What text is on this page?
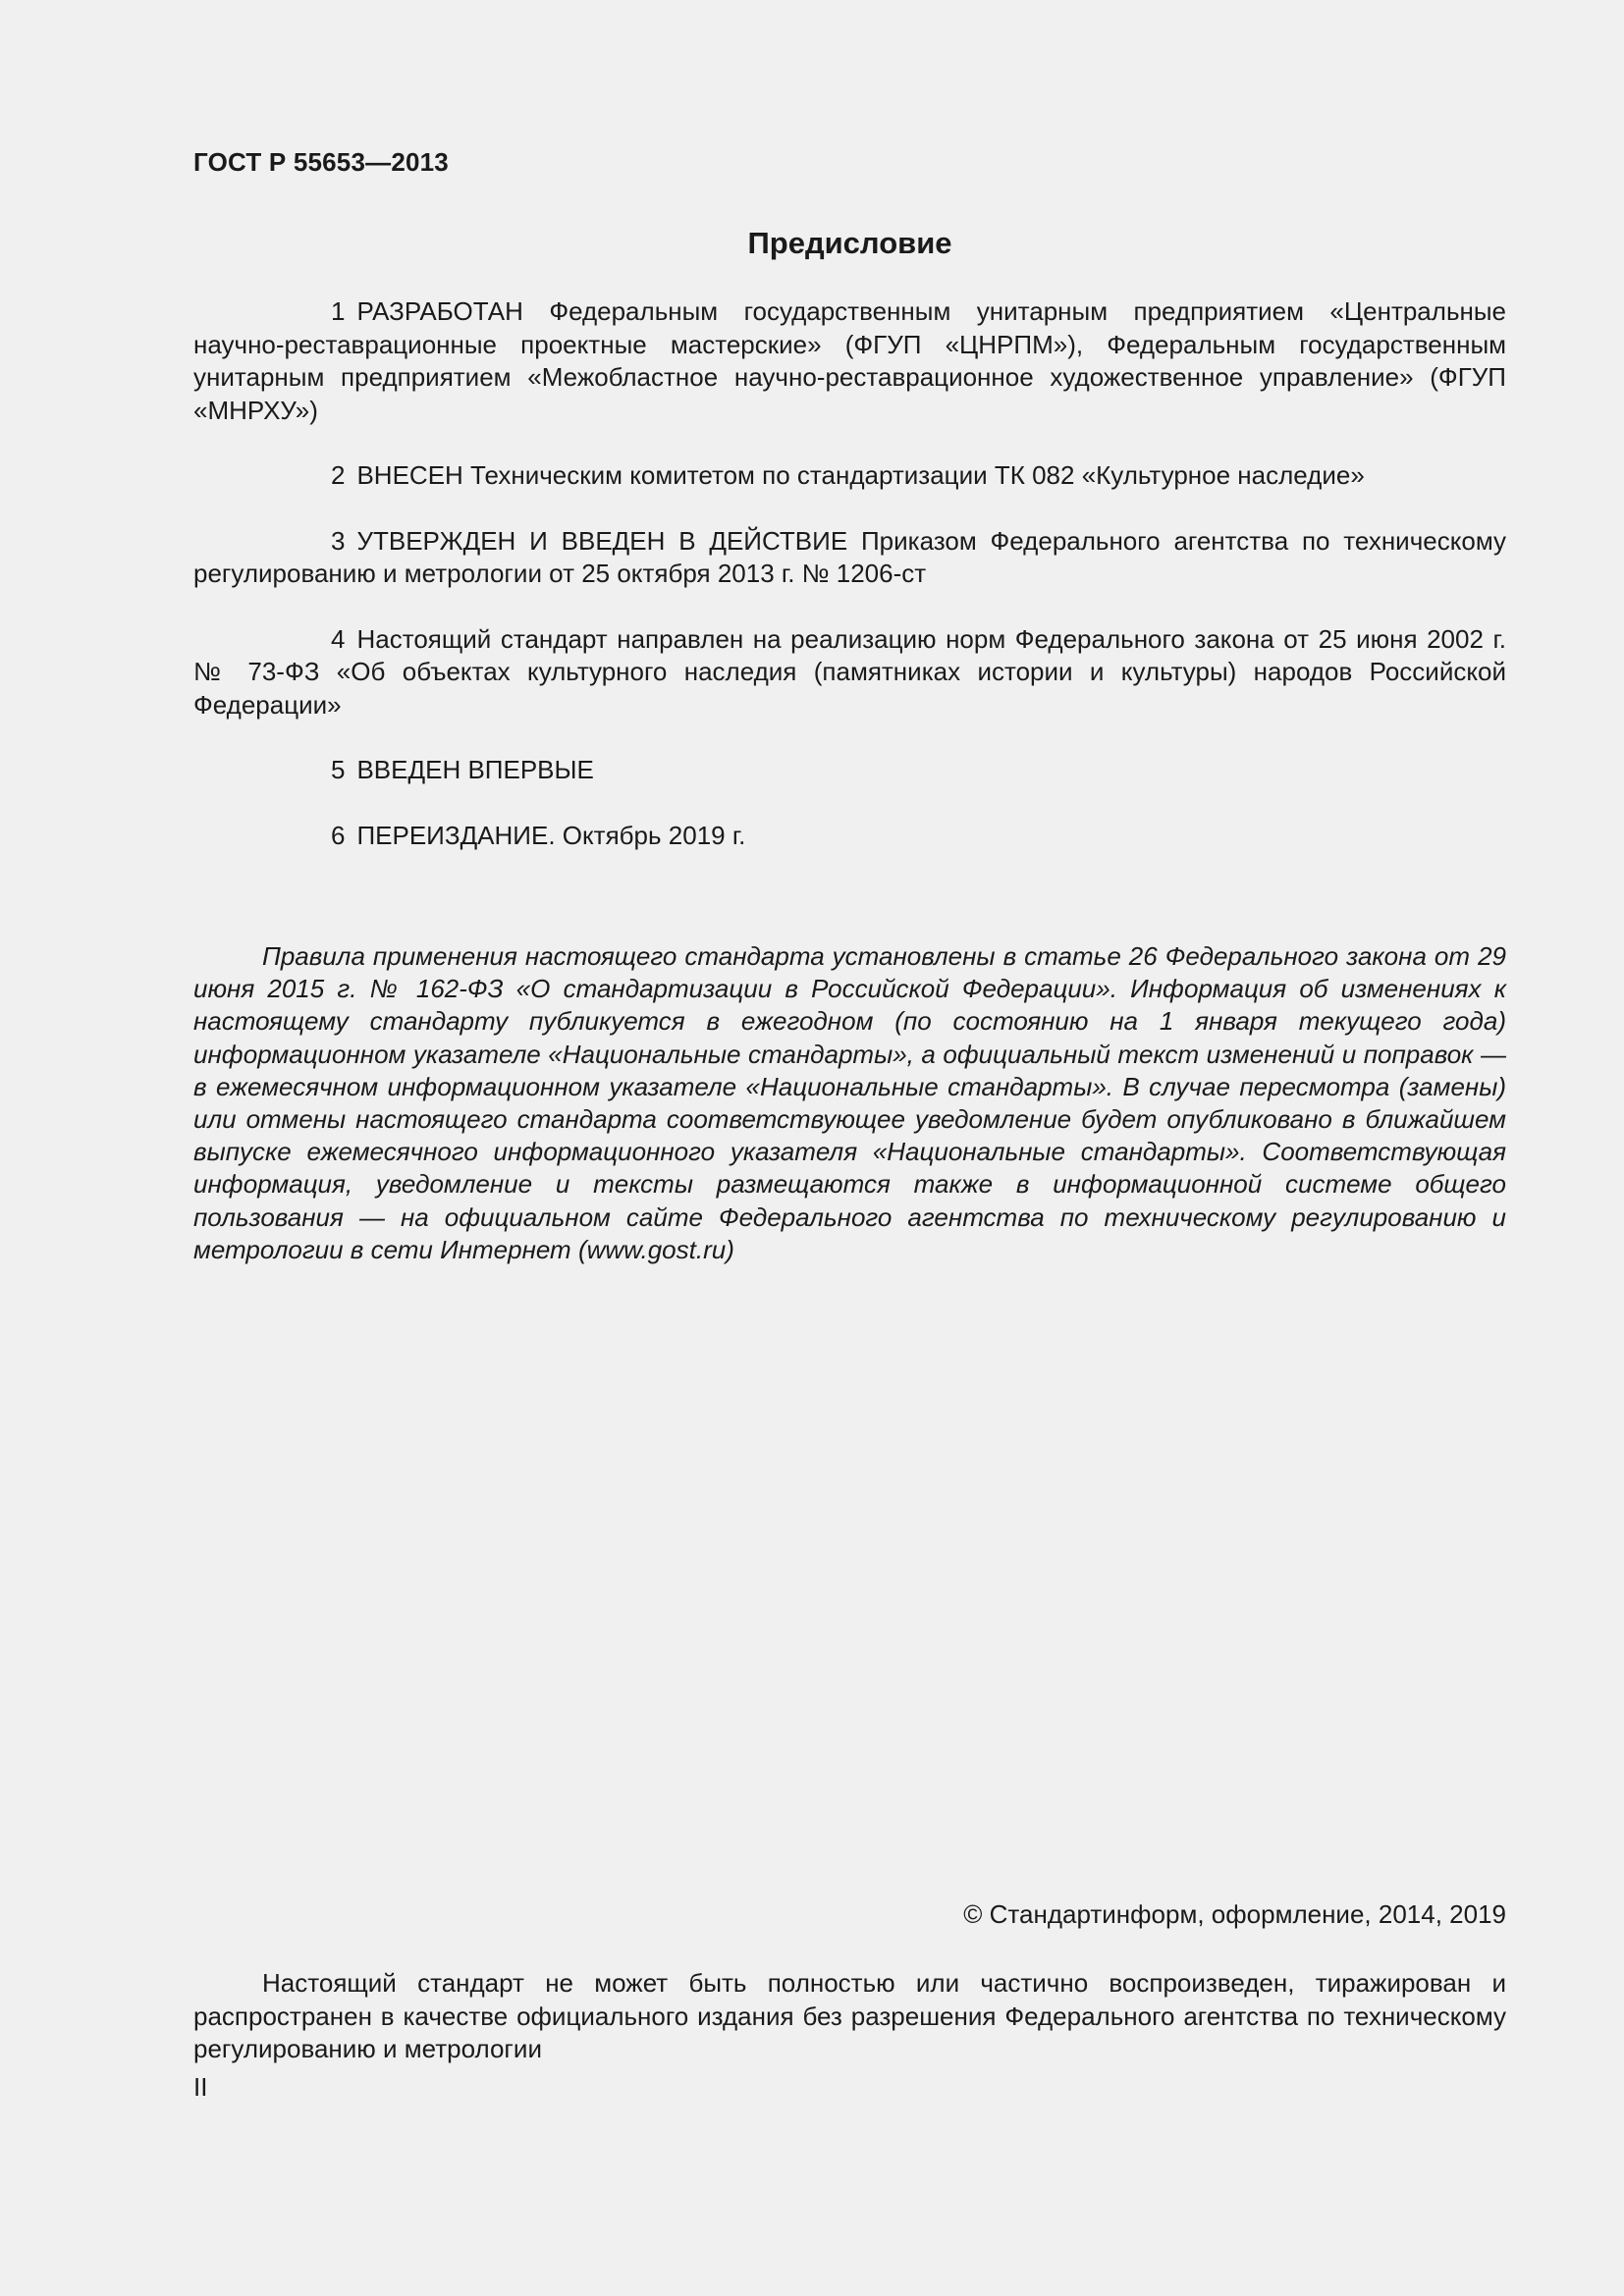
ГОСТ Р 55653—2013
Предисловие

1 РАЗРАБОТАН Федеральным государственным унитарным предприятием «Центральные научно-реставрационные проектные мастерские» (ФГУП «ЦНРПМ»), Федеральным государственным унитарным предприятием «Межобластное научно-реставрационное художественное управление» (ФГУП «МНРХУ»)

2 ВНЕСЕН Техническим комитетом по стандартизации ТК 082 «Культурное наследие»

3 УТВЕРЖДЕН И ВВЕДЕН В ДЕЙСТВИЕ Приказом Федерального агентства по техническому регулированию и метрологии от 25 октября 2013 г. № 1206-ст

4 Настоящий стандарт направлен на реализацию норм Федерального закона от 25 июня 2002 г. № 73-ФЗ «Об объектах культурного наследия (памятниках истории и культуры) народов Российской Федерации»

5 ВВЕДЕН ВПЕРВЫЕ

6 ПЕРЕИЗДАНИЕ. Октябрь 2019 г.

Правила применения настоящего стандарта установлены в статье 26 Федерального закона от 29 июня 2015 г. № 162-ФЗ «О стандартизации в Российской Федерации». Информация об изменениях к настоящему стандарту публикуется в ежегодном (по состоянию на 1 января текущего года) информационном указателе «Национальные стандарты», а официальный текст изменений и поправок — в ежемесячном информационном указателе «Национальные стандарты». В случае пересмотра (замены) или отмены настоящего стандарта соответствующее уведомление будет опубликовано в ближайшем выпуске ежемесячного информационного указателя «Национальные стандарты». Соответствующая информация, уведомление и тексты размещаются также в информационной системе общего пользования — на официальном сайте Федерального агентства по техническому регулированию и метрологии в сети Интернет (www.gost.ru)

© Стандартинформ, оформление, 2014, 2019

Настоящий стандарт не может быть полностью или частично воспроизведен, тиражирован и распространен в качестве официального издания без разрешения Федерального агентства по техническому регулированию и метрологии

II
